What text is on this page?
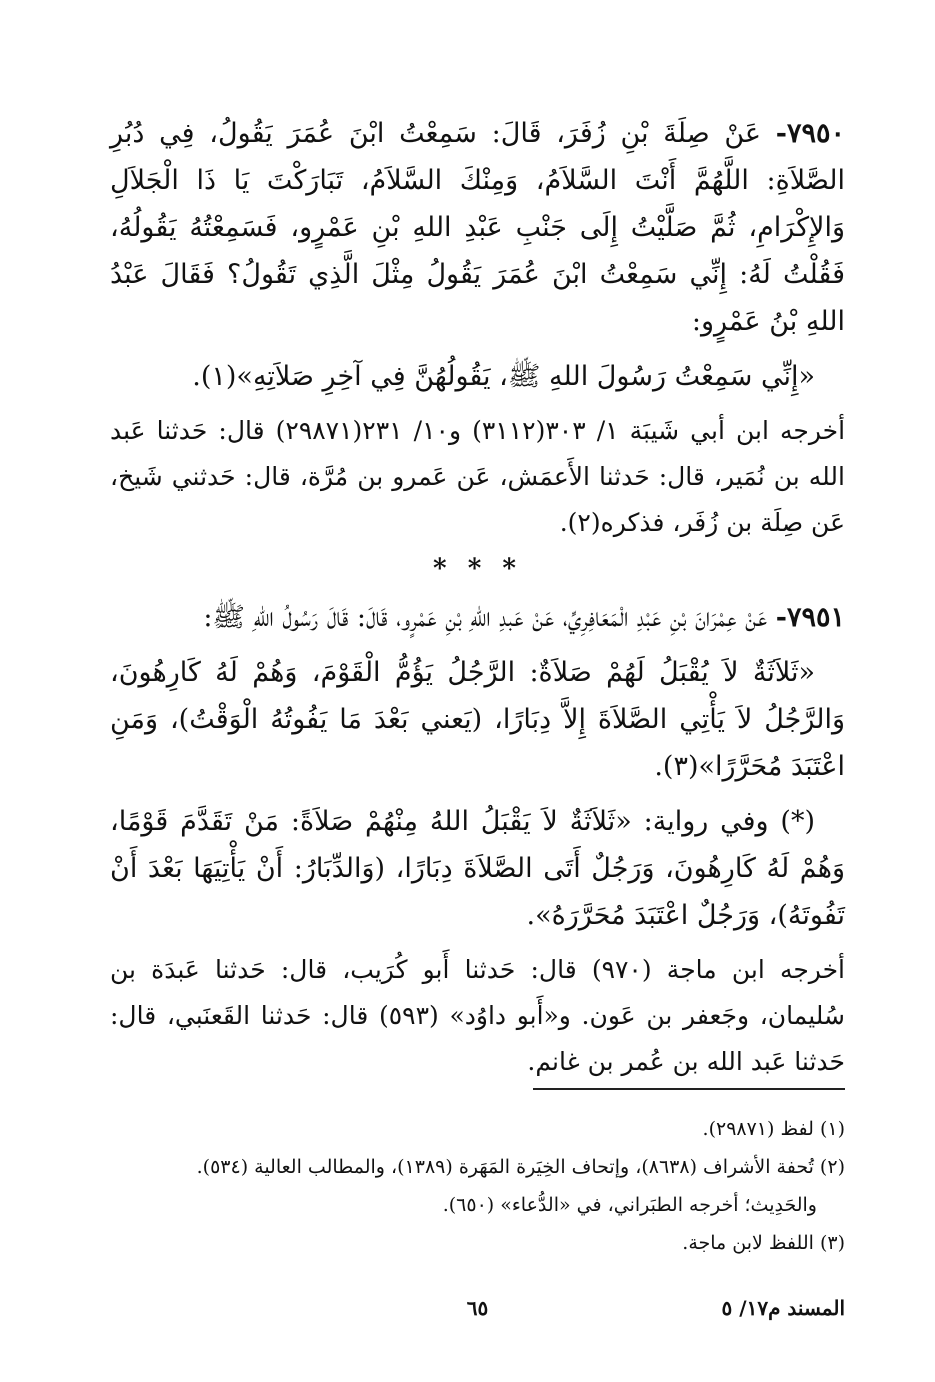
٧٩٥٠- عَنْ صِلَةَ بْنِ زُفَرَ، قَالَ: سَمِعْتُ ابْنَ عُمَرَ يَقُولُ، فِي دُبُرِ الصَّلاَةِ: اللَّهُمَّ أَنْتَ السَّلاَمُ، وَمِنْكَ السَّلاَمُ، تَبَارَكْتَ يَا ذَا الْجَلاَلِ وَالإِكْرَامِ، ثُمَّ صَلَّيْتُ إِلَى جَنْبِ عَبْدِ اللهِ بْنِ عَمْرٍو، فَسَمِعْتُهُ يَقُولُهُ، فَقُلْتُ لَهُ: إِنِّي سَمِعْتُ ابْنَ عُمَرَ يَقُولُ مِثْلَ الَّذِي تَقُولُ؟ فَقَالَ عَبْدُ اللهِ بْنُ عَمْرٍو:

«إِنِّي سَمِعْتُ رَسُولَ اللهِ ﷺ، يَقُولُهُنَّ فِي آخِرِ صَلاَتِهِ»(١).

أخرجه ابن أبي شَيبَة ١/ ٣٠٣(٣١١٢) و١٠/ ٢٣١(٢٩٨٧١) قال: حَدثنا عَبد الله بن نُمَير، قال: حَدثنا الأَعمَش، عَن عَمرو بن مُرَّة، قال: حَدثني شَيخ، عَن صِلَة بن زُفَر، فذكره(٢).

* * *

٧٩٥١- عَنْ عِمْرَانَ بْنِ عَبْدِ الْمَعَافِرِيِّ، عَنْ عَبدِ اللهِ بْنِ عَمْرٍو، قَالَ: قَالَ رَسُولُ اللهِ ﷺ:

«ثَلاَثَةٌ لاَ يُقْبَلُ لَهُمْ صَلاَةٌ: الرَّجُلُ يَؤُمُّ الْقَوْمَ، وَهُمْ لَهُ كَارِهُونَ، وَالرَّجُلُ لاَ يَأْتِي الصَّلاَةَ إِلاَّ دِبَارًا، (يَعني بَعْدَ مَا يَفُوتُهُ الْوَقْتُ)، وَمَنِ اعْتَبَدَ مُحَرَّرًا»(٣).

(*) وفي رواية: «ثَلاَثَةٌ لاَ يَقْبَلُ اللهُ مِنْهُمْ صَلاَةً: مَنْ تَقَدَّمَ قَوْمًا، وَهُمْ لَهُ كَارِهُونَ، وَرَجُلٌ أَتَى الصَّلاَةَ دِبَارًا، (وَالدِّبَارُ: أَنْ يَأْتِيَهَا بَعْدَ أَنْ تَفُوتَهُ)، وَرَجُلٌ اعْتَبَدَ مُحَرَّرَهُ».

أخرجه ابن ماجة (٩٧٠) قال: حَدثنا أَبو كُرَيب، قال: حَدثنا عَبدَة بن سُليمان، وجَعفر بن عَون. و«أَبو داوُد» (٥٩٣) قال: حَدثنا القَعنَبي، قال: حَدثنا عَبد الله بن عُمر بن غانم.

(١) لفظ (٢٩٨٧١).

(٢) تُحفة الأشراف (٨٦٣٨)، وإتحاف الخِيَرة المَهَرة (١٣٨٩)، والمطالب العالية (٥٣٤).

والحَدِيث؛ أخرجه الطبَراني، في «الدُّعاء» (٦٥٠).

(٣) اللفظ لابن ماجة.

المسند م١٧/ ٥
٦٥
